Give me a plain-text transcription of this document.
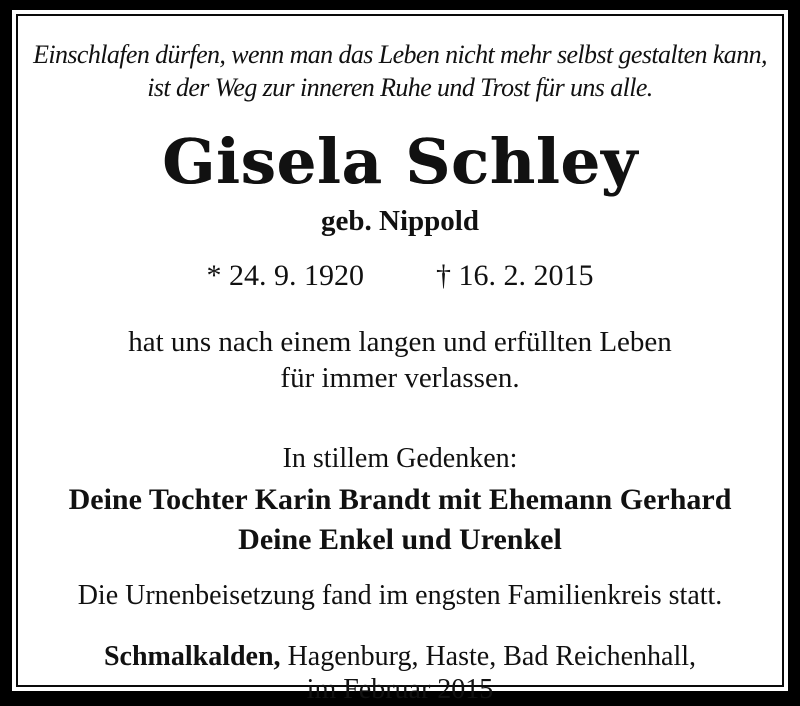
Einschlafen dürfen, wenn man das Leben nicht mehr selbst gestalten kann,
ist der Weg zur inneren Ruhe und Trost für uns alle.
Gisela Schley
geb. Nippold
* 24. 9. 1920 † 16. 2. 2015
hat uns nach einem langen und erfüllten Leben
für immer verlassen.
In stillem Gedenken:
Deine Tochter Karin Brandt mit Ehemann Gerhard
Deine Enkel und Urenkel
Die Urnenbeisetzung fand im engsten Familienkreis statt.
Schmalkalden, Hagenburg, Haste, Bad Reichenhall,
im Februar 2015
